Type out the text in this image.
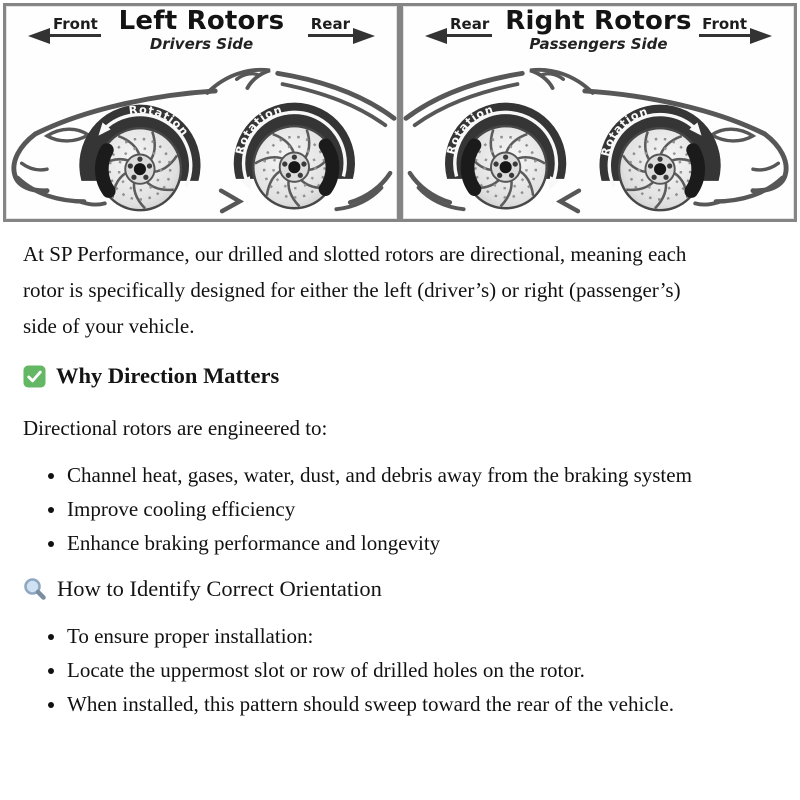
Left Rotors
Drivers Side
Front	Rear
Rotation
Rotation
Right Rotors
Passengers Side
Rear	Front
Rotation
Rotation

At SP Performance, our drilled and slotted rotors are directional, meaning each rotor is specifically designed for either the left (driver’s) or right (passenger’s) side of your vehicle.

Why Direction Matters

Directional rotors are engineered to:

• Channel heat, gases, water, dust, and debris away from the braking system
• Improve cooling efficiency
• Enhance braking performance and longevity
How to Identify Correct Orientation
• To ensure proper installation:
• Locate the uppermost slot or row of drilled holes on the rotor.
• When installed, this pattern should sweep toward the rear of the vehicle.
